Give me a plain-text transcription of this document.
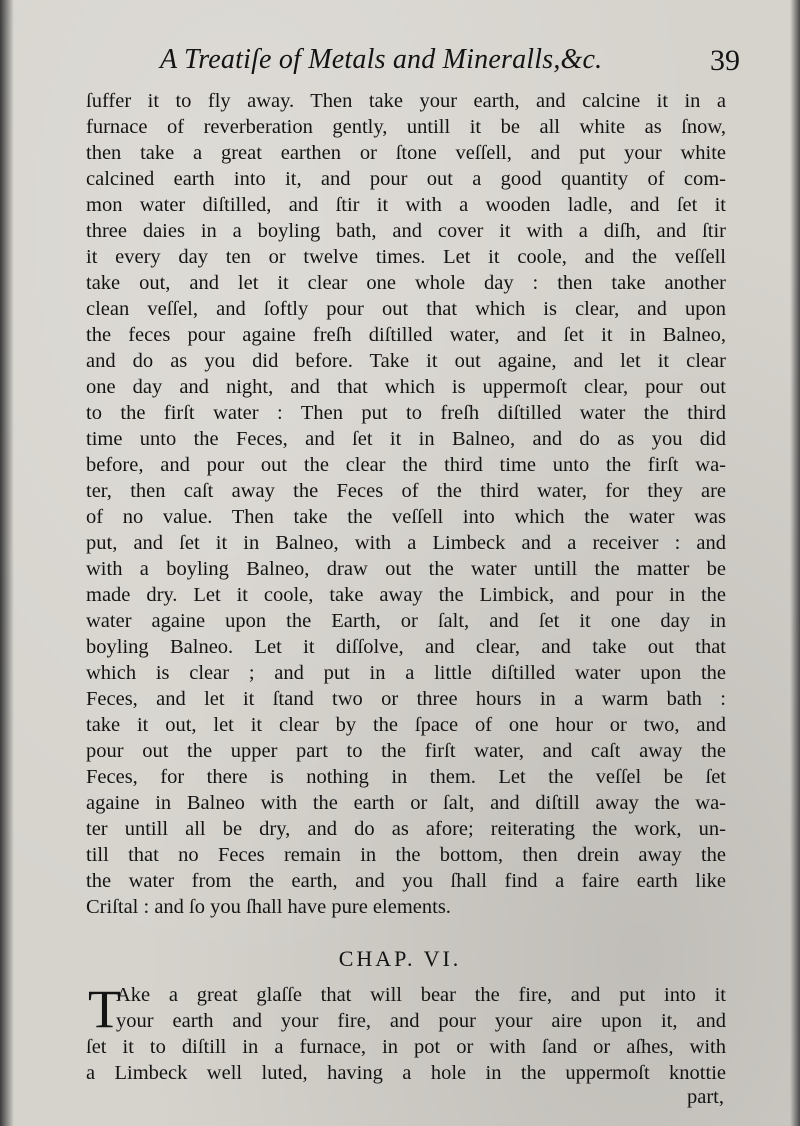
A Treatiſe of Metals and Mineralls,&c.	39
ſuffer it to fly away. Then take your earth, and calcine it in a
furnace of reverberation gently, untill it be all white as ſnow,
then take a great earthen or ſtone veſſell, and put your white
calcined earth into it, and pour out a good quantity of com-
mon water diſtilled, and ſtir it with a wooden ladle, and ſet it
three daies in a boyling bath, and cover it with a diſh, and ſtir
it every day ten or twelve times. Let it coole, and the veſſell
take out, and let it clear one whole day : then take another
clean veſſel, and ſoftly pour out that which is clear, and upon
the feces pour againe freſh diſtilled water, and ſet it in Balneo,
and do as you did before. Take it out againe, and let it clear
one day and night, and that which is uppermoſt clear, pour out
to the firſt water : Then put to freſh diſtilled water the third
time unto the Feces, and ſet it in Balneo, and do as you did
before, and pour out the clear the third time unto the firſt wa-
ter, then caſt away the Feces of the third water, for they are
of no value. Then take the veſſell into which the water was
put, and ſet it in Balneo, with a Limbeck and a receiver : and
with a boyling Balneo, draw out the water untill the matter be
made dry. Let it coole, take away the Limbick, and pour in the
water againe upon the Earth, or ſalt, and ſet it one day in
boyling Balneo. Let it diſſolve, and clear, and take out that
which is clear ; and put in a little diſtilled water upon the
Feces, and let it ſtand two or three hours in a warm bath :
take it out, let it clear by the ſpace of one hour or two, and
pour out the upper part to the firſt water, and caſt away the
Feces, for there is nothing in them. Let the veſſel be ſet
againe in Balneo with the earth or ſalt, and diſtill away the wa-
ter untill all be dry, and do as afore; reiterating the work, un-
till that no Feces remain in the bottom, then drein away the
the water from the earth, and you ſhall find a faire earth like
Criſtal : and ſo you ſhall have pure elements.
CHAP. VI.
T
Ake a great glaſſe that will bear the fire, and put into it
your earth and your fire, and pour your aire upon it, and
ſet it to diſtill in a furnace, in pot or with ſand or aſhes, with
a Limbeck well luted, having a hole in the uppermoſt knottie
part,
